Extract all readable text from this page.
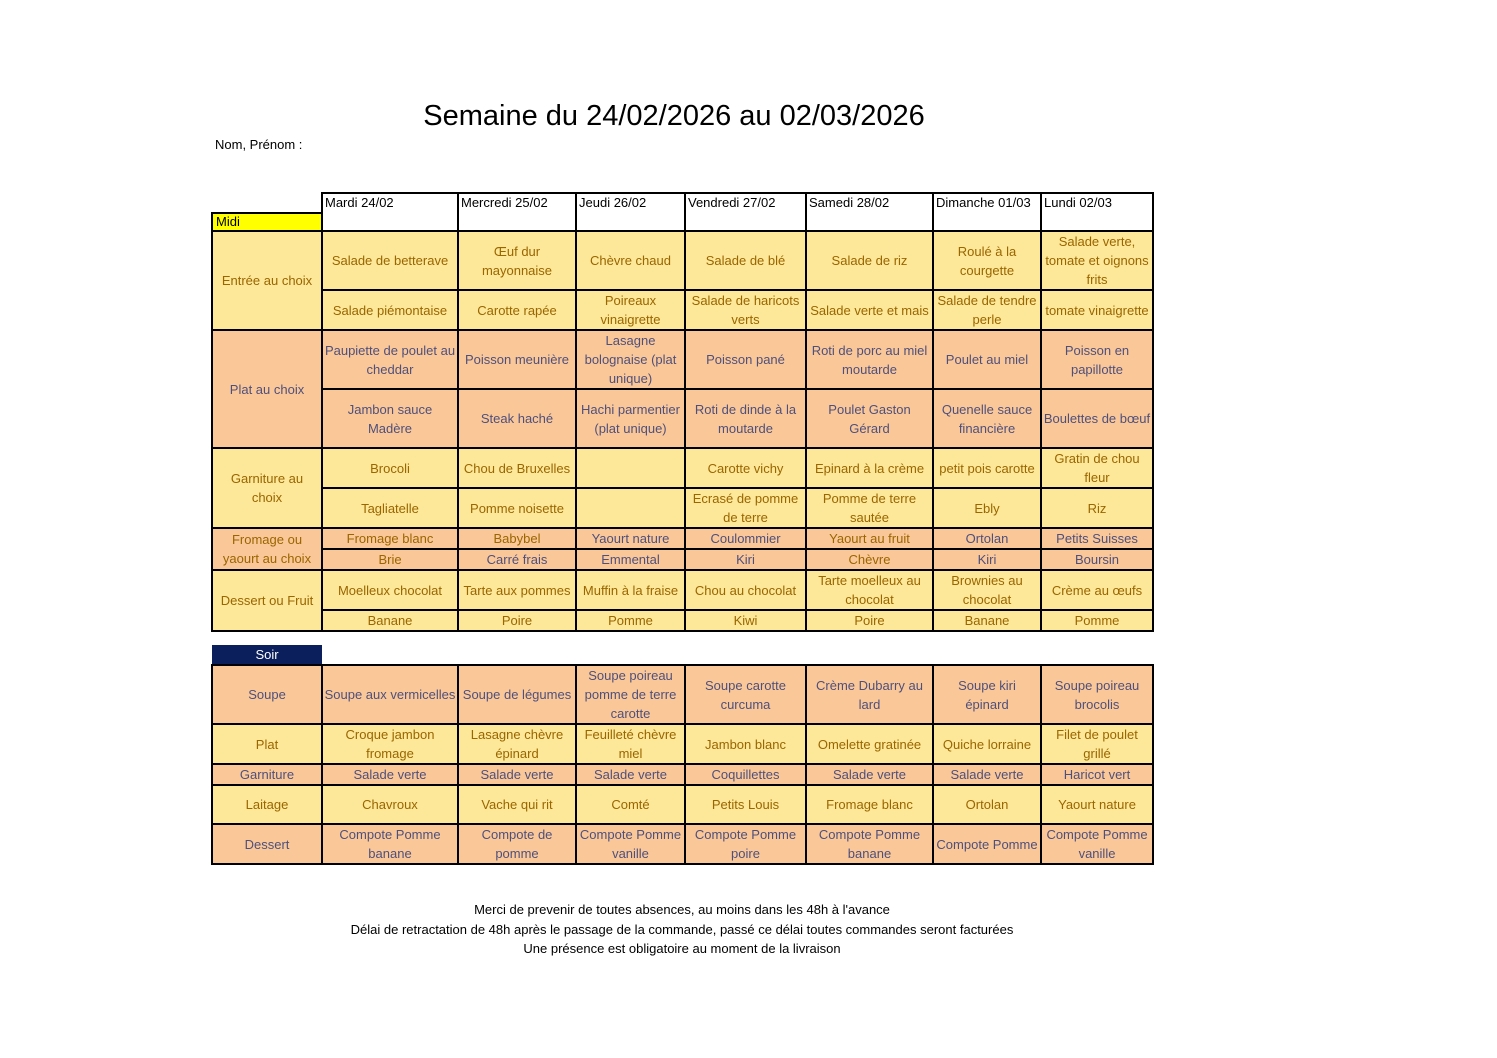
Semaine du 24/02/2026 au 02/03/2026
Nom, Prénom :
	Mardi 24/02	Mercredi 25/02	Jeudi 26/02	Vendredi 27/02	Samedi 28/02	Dimanche 01/03	Lundi 02/03
Midi							
Entrée au choix	Salade de betterave	Œuf dur mayonnaise	Chèvre chaud	Salade de blé	Salade de riz	Roulé à la courgette	Salade verte, tomate et oignons frits
	Salade piémontaise	Carotte rapée	Poireaux vinaigrette	Salade de haricots verts	Salade verte et mais	Salade de tendre perle	tomate vinaigrette
Plat au choix	Paupiette de poulet au cheddar	Poisson meunière	Lasagne bolognaise (plat unique)	Poisson pané	Roti de porc au miel moutarde	Poulet au miel	Poisson en papillotte
	Jambon sauce Madère	Steak haché	Hachi parmentier (plat unique)	Roti de dinde à la moutarde	Poulet Gaston Gérard	Quenelle sauce financière	Boulettes de bœuf
Garniture au choix	Brocoli	Chou de Bruxelles		Carotte vichy	Epinard à la crème	petit pois carotte	Gratin de chou fleur
	Tagliatelle	Pomme noisette		Ecrasé de pomme de terre	Pomme de terre sautée	Ebly	Riz
Fromage ou yaourt au choix	Fromage blanc	Babybel	Yaourt nature	Coulommier	Yaourt au fruit	Ortolan	Petits Suisses
	Brie	Carré frais	Emmental	Kiri	Chèvre	Kiri	Boursin
Dessert ou Fruit	Moelleux chocolat	Tarte aux pommes	Muffin à la fraise	Chou au chocolat	Tarte moelleux au chocolat	Brownies au chocolat	Crème au œufs
	Banane	Poire	Pomme	Kiwi	Poire	Banane	Pomme
Soir							
Soupe	Soupe aux vermicelles	Soupe de légumes	Soupe poireau pomme de terre carotte	Soupe carotte curcuma	Crème Dubarry au lard	Soupe kiri épinard	Soupe poireau brocolis
Plat	Croque jambon fromage	Lasagne chèvre épinard	Feuilleté chèvre miel	Jambon blanc	Omelette gratinée	Quiche lorraine	Filet de poulet grillé
Garniture	Salade verte	Salade verte	Salade verte	Coquillettes	Salade verte	Salade verte	Haricot vert
Laitage	Chavroux	Vache qui rit	Comté	Petits Louis	Fromage blanc	Ortolan	Yaourt nature
Dessert	Compote Pomme banane	Compote de pomme	Compote Pomme vanille	Compote Pomme poire	Compote Pomme banane	Compote Pomme	Compote Pomme vanille
Merci de prevenir de toutes absences, au moins dans les 48h à l'avance
Délai de retractation de 48h après le passage de la commande, passé ce délai toutes commandes seront facturées
Une présence est obligatoire au moment de la livraison
